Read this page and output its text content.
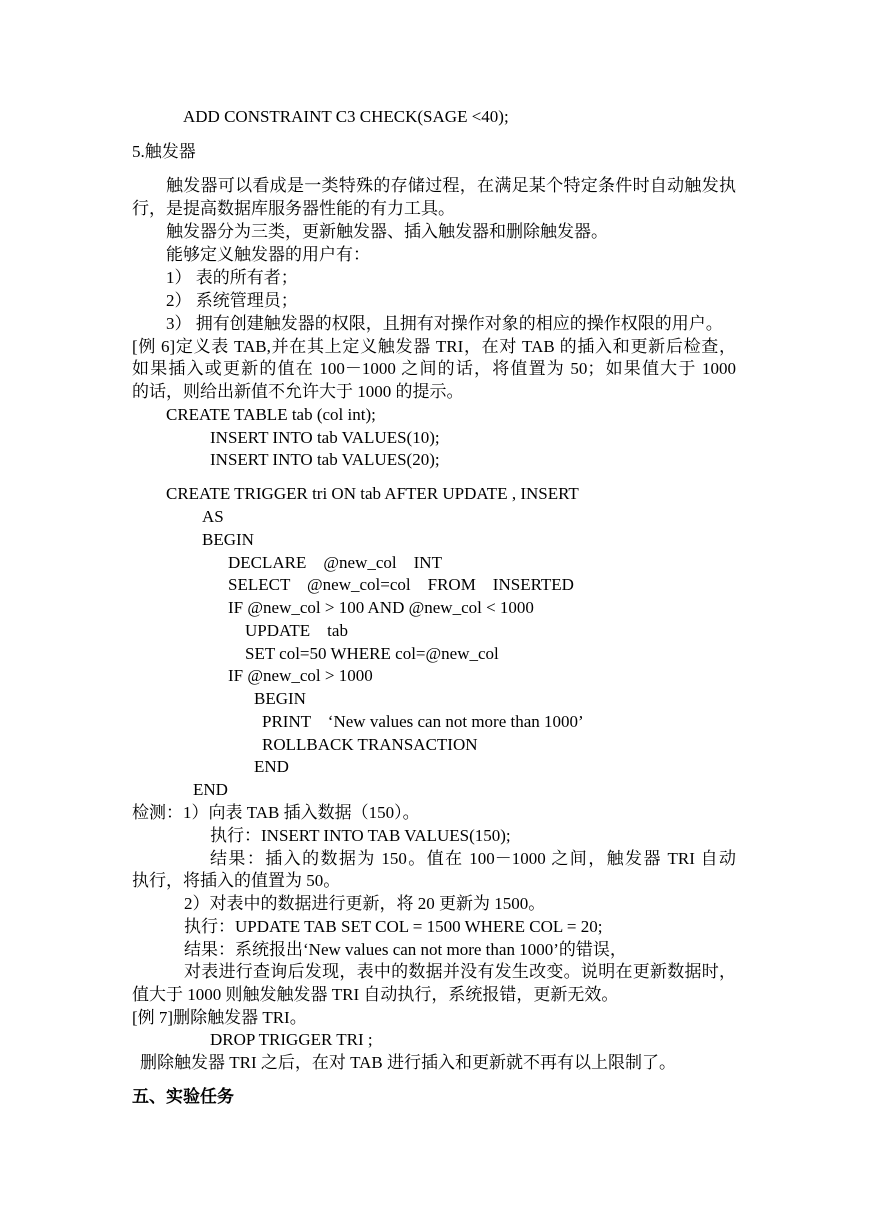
ADD CONSTRAINT C3 CHECK(SAGE <40);
5.触发器
触发器可以看成是一类特殊的存储过程，在满足某个特定条件时自动触发执
行，是提高数据库服务器性能的有力工具。
触发器分为三类，更新触发器、插入触发器和删除触发器。
能够定义触发器的用户有：
1） 表的所有者；
2） 系统管理员；
3） 拥有创建触发器的权限，且拥有对操作对象的相应的操作权限的用户。
[例 6]定义表 TAB,并在其上定义触发器 TRI，在对 TAB 的插入和更新后检查，
如果插入或更新的值在 100－1000 之间的话，将值置为 50；如果值大于 1000
的话，则给出新值不允许大于 1000 的提示。
CREATE TABLE tab (col int);
INSERT INTO tab VALUES(10);
INSERT INTO tab VALUES(20);
CREATE TRIGGER tri ON tab AFTER UPDATE , INSERT
AS
BEGIN
DECLARE    @new_col    INT
SELECT    @new_col=col    FROM    INSERTED
IF @new_col > 100 AND @new_col < 1000
UPDATE    tab
SET col=50 WHERE col=@new_col
IF @new_col > 1000
BEGIN
PRINT    ‘New values can not more than 1000’
ROLLBACK TRANSACTION
END
END
检测：1）向表 TAB 插入数据（150）。
执行：INSERT INTO TAB VALUES(150);
结果：插入的数据为 150。值在 100－1000 之间，触发器 TRI 自动
执行，将插入的值置为 50。
2）对表中的数据进行更新，将 20 更新为 1500。
执行：UPDATE TAB SET COL = 1500 WHERE COL = 20;
结果：系统报出‘New values can not more than 1000’的错误，
对表进行查询后发现，表中的数据并没有发生改变。说明在更新数据时，
值大于 1000 则触发触发器 TRI 自动执行，系统报错，更新无效。
[例 7]删除触发器 TRI。
DROP TRIGGER TRI ;
删除触发器 TRI 之后，在对 TAB 进行插入和更新就不再有以上限制了。
五、实验任务
